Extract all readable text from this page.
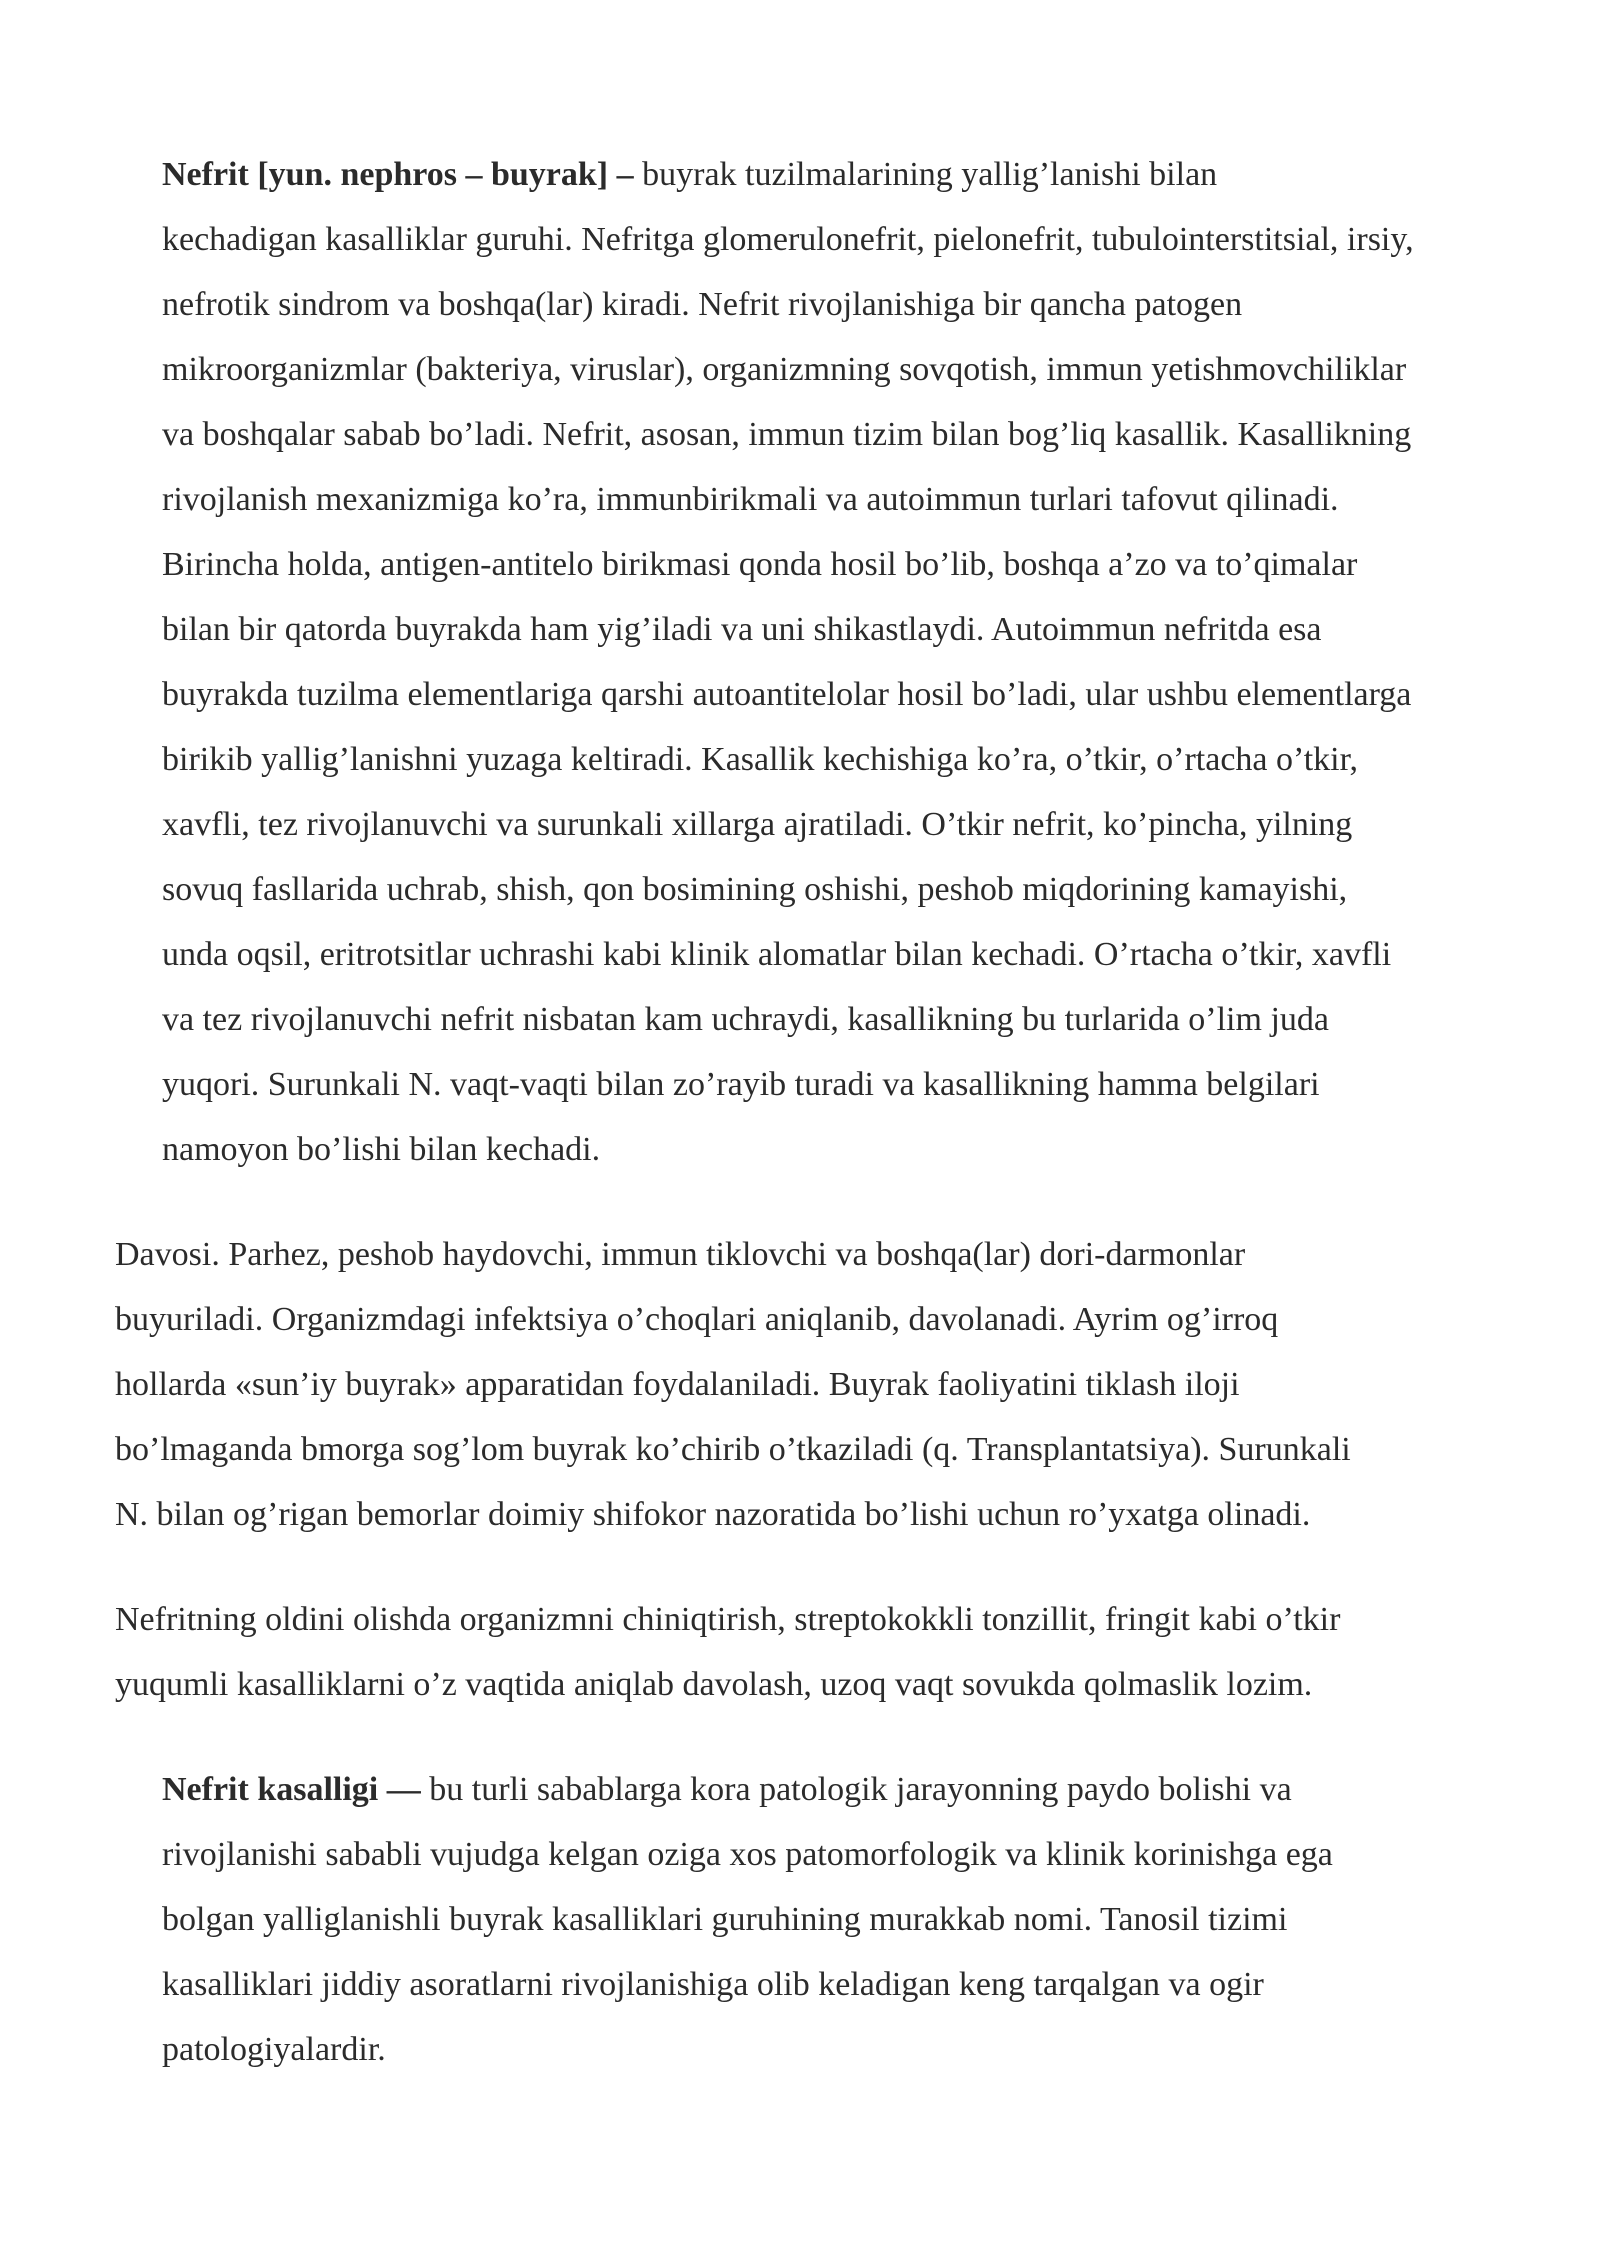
Nefrit [yun. nephros – buyrak] – buyrak tuzilmalarining yallig’lanishi bilan
kechadigan kasalliklar guruhi. Nefritga glomerulonefrit, pielonefrit, tubulointerstitsial, irsiy,
nefrotik sindrom va boshqa(lar) kiradi. Nefrit rivojlanishiga bir qancha patogen
mikroorganizmlar (bakteriya, viruslar), organizmning sovqotish, immun yetishmovchiliklar
va boshqalar sabab bo’ladi. Nefrit, asosan, immun tizim bilan bog’liq kasallik. Kasallikning
rivojlanish mexanizmiga ko’ra, immunbirikmali va autoimmun turlari tafovut qilinadi.
Birincha holda, antigen-antitelo birikmasi qonda hosil bo’lib, boshqa a’zo va to’qimalar
bilan bir qatorda buyrakda ham yig’iladi va uni shikastlaydi. Autoimmun nefritda esa
buyrakda tuzilma elementlariga qarshi autoantitelolar hosil bo’ladi, ular ushbu elementlarga
birikib yallig’lanishni yuzaga keltiradi. Kasallik kechishiga ko’ra, o’tkir, o’rtacha o’tkir,
xavfli, tez rivojlanuvchi va surunkali xillarga ajratiladi. O’tkir nefrit, ko’pincha, yilning
sovuq fasllarida uchrab, shish, qon bosimining oshishi, peshob miqdorining kamayishi,
unda oqsil, eritrotsitlar uchrashi kabi klinik alomatlar bilan kechadi. O’rtacha o’tkir, xavfli
va tez rivojlanuvchi nefrit nisbatan kam uchraydi, kasallikning bu turlarida o’lim juda
yuqori. Surunkali N. vaqt-vaqti bilan zo’rayib turadi va kasallikning hamma belgilari
namoyon bo’lishi bilan kechadi.

Davosi. Parhez, peshob haydovchi, immun tiklovchi va boshqa(lar) dori-darmonlar
buyuriladi. Organizmdagi infektsiya o’choqlari aniqlanib, davolanadi. Ayrim og’irroq
hollarda «sun’iy buyrak» apparatidan foydalaniladi. Buyrak faoliyatini tiklash iloji
bo’lmaganda bmorga sog’lom buyrak ko’chirib o’tkaziladi (q. Transplantatsiya). Surunkali
N. bilan og’rigan bemorlar doimiy shifokor nazoratida bo’lishi uchun ro’yxatga olinadi.

Nefritning oldini olishda organizmni chiniqtirish, streptokokkli tonzillit, fringit kabi o’tkir
yuqumli kasalliklarni o’z vaqtida aniqlab davolash, uzoq vaqt sovukda qolmaslik lozim.

Nefrit kasalligi — bu turli sabablarga kora patologik jarayonning paydo bolishi va
rivojlanishi sababli vujudga kelgan oziga xos patomorfologik va klinik korinishga ega
bolgan yalliglanishli buyrak kasalliklari guruhining murakkab nomi. Tanosil tizimi
kasalliklari jiddiy asoratlarni rivojlanishiga olib keladigan keng tarqalgan va ogir
patologiyalardir.
